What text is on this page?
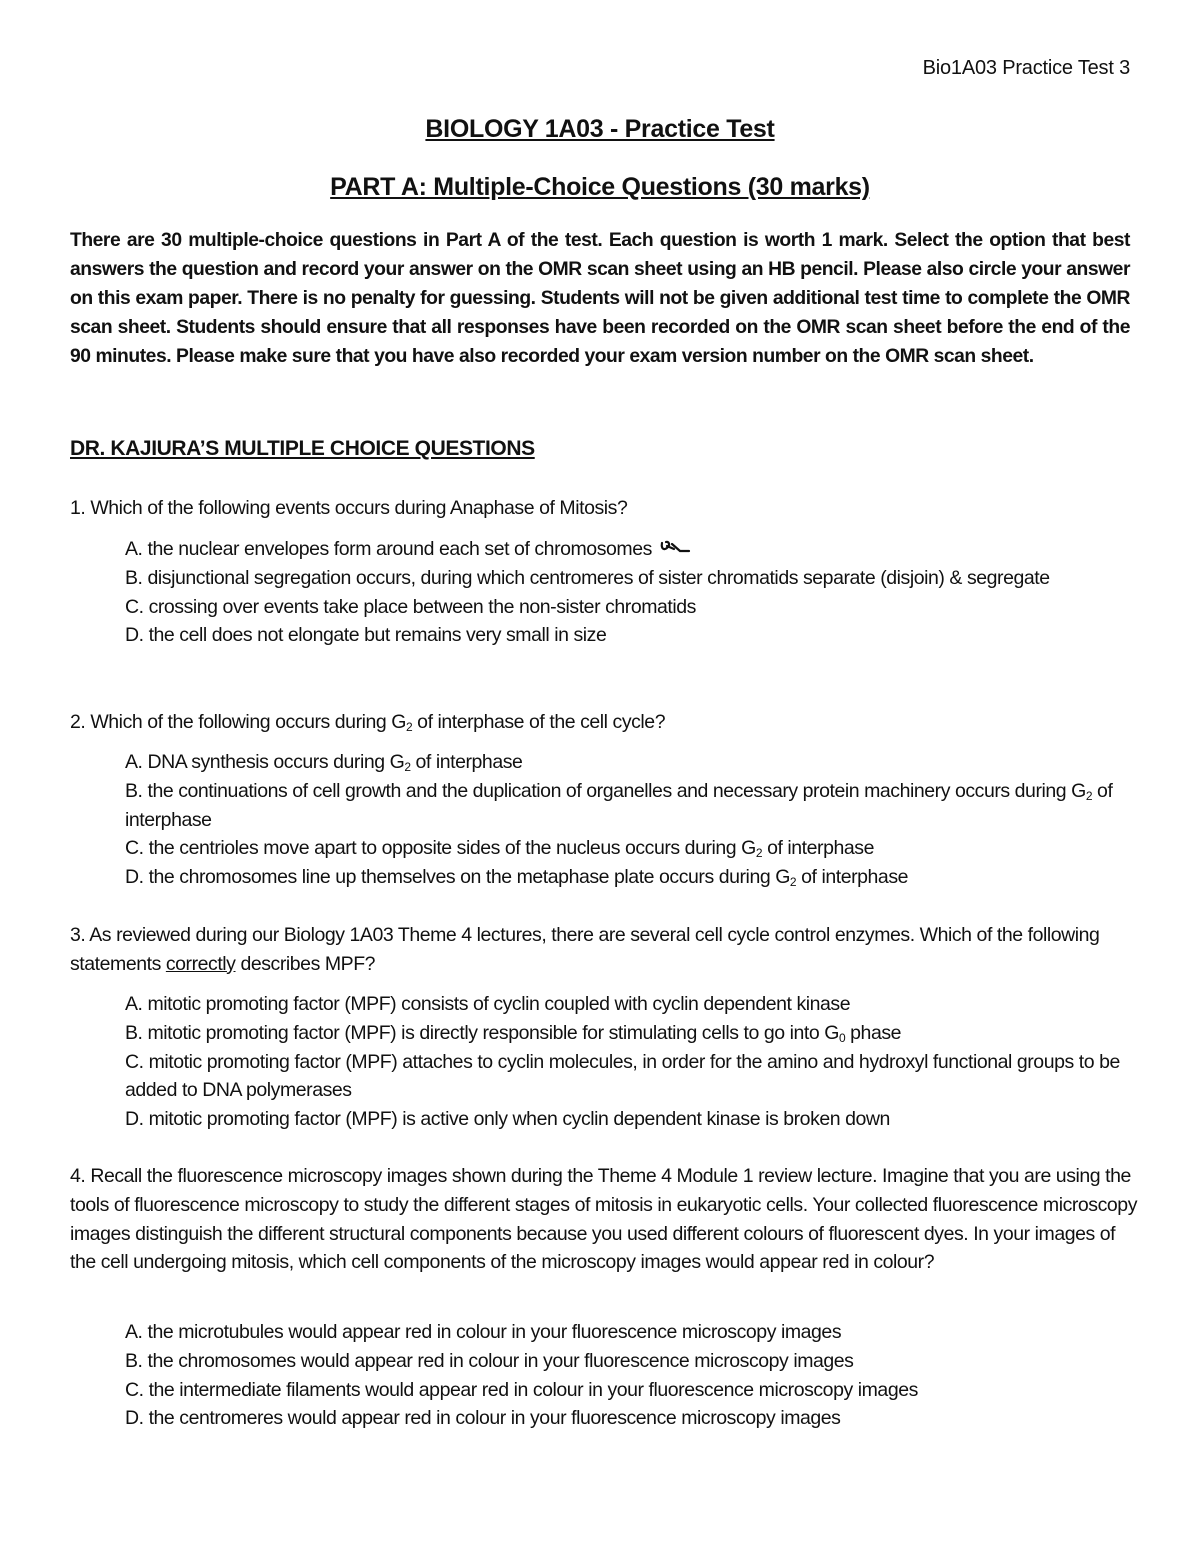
Bio1A03 Practice Test 3
BIOLOGY 1A03 - Practice Test
PART A: Multiple-Choice Questions (30 marks)
There are 30 multiple-choice questions in Part A of the test. Each question is worth 1 mark. Select the option that best answers the question and record your answer on the OMR scan sheet using an HB pencil. Please also circle your answer on this exam paper. There is no penalty for guessing. Students will not be given additional test time to complete the OMR scan sheet. Students should ensure that all responses have been recorded on the OMR scan sheet before the end of the 90 minutes. Please make sure that you have also recorded your exam version number on the OMR scan sheet.
DR. KAJIURA’S MULTIPLE CHOICE QUESTIONS
1. Which of the following events occurs during Anaphase of Mitosis?
A. the nuclear envelopes form around each set of chromosomes
B. disjunctional segregation occurs, during which centromeres of sister chromatids separate (disjoin) & segregate
C. crossing over events take place between the non-sister chromatids
D. the cell does not elongate but remains very small in size
2. Which of the following occurs during $G_2$ of interphase of the cell cycle?
A. DNA synthesis occurs during $G_2$ of interphase
B. the continuations of cell growth and the duplication of organelles and necessary protein machinery occurs during $G_2$ of interphase
C. the centrioles move apart to opposite sides of the nucleus occurs during $G_2$ of interphase
D. the chromosomes line up themselves on the metaphase plate occurs during $G_2$ of interphase
3. As reviewed during our Biology 1A03 Theme 4 lectures, there are several cell cycle control enzymes. Which of the following statements correctly describes MPF?
A. mitotic promoting factor (MPF) consists of cyclin coupled with cyclin dependent kinase
B. mitotic promoting factor (MPF) is directly responsible for stimulating cells to go into $G_0$ phase
C. mitotic promoting factor (MPF) attaches to cyclin molecules, in order for the amino and hydroxyl functional groups to be added to DNA polymerases
D. mitotic promoting factor (MPF) is active only when cyclin dependent kinase is broken down
4. Recall the fluorescence microscopy images shown during the Theme 4 Module 1 review lecture. Imagine that you are using the tools of fluorescence microscopy to study the different stages of mitosis in eukaryotic cells. Your collected fluorescence microscopy images distinguish the different structural components because you used different colours of fluorescent dyes. In your images of the cell undergoing mitosis, which cell components of the microscopy images would appear red in colour?
A. the microtubules would appear red in colour in your fluorescence microscopy images
B. the chromosomes would appear red in colour in your fluorescence microscopy images
C. the intermediate filaments would appear red in colour in your fluorescence microscopy images
D. the centromeres would appear red in colour in your fluorescence microscopy images
